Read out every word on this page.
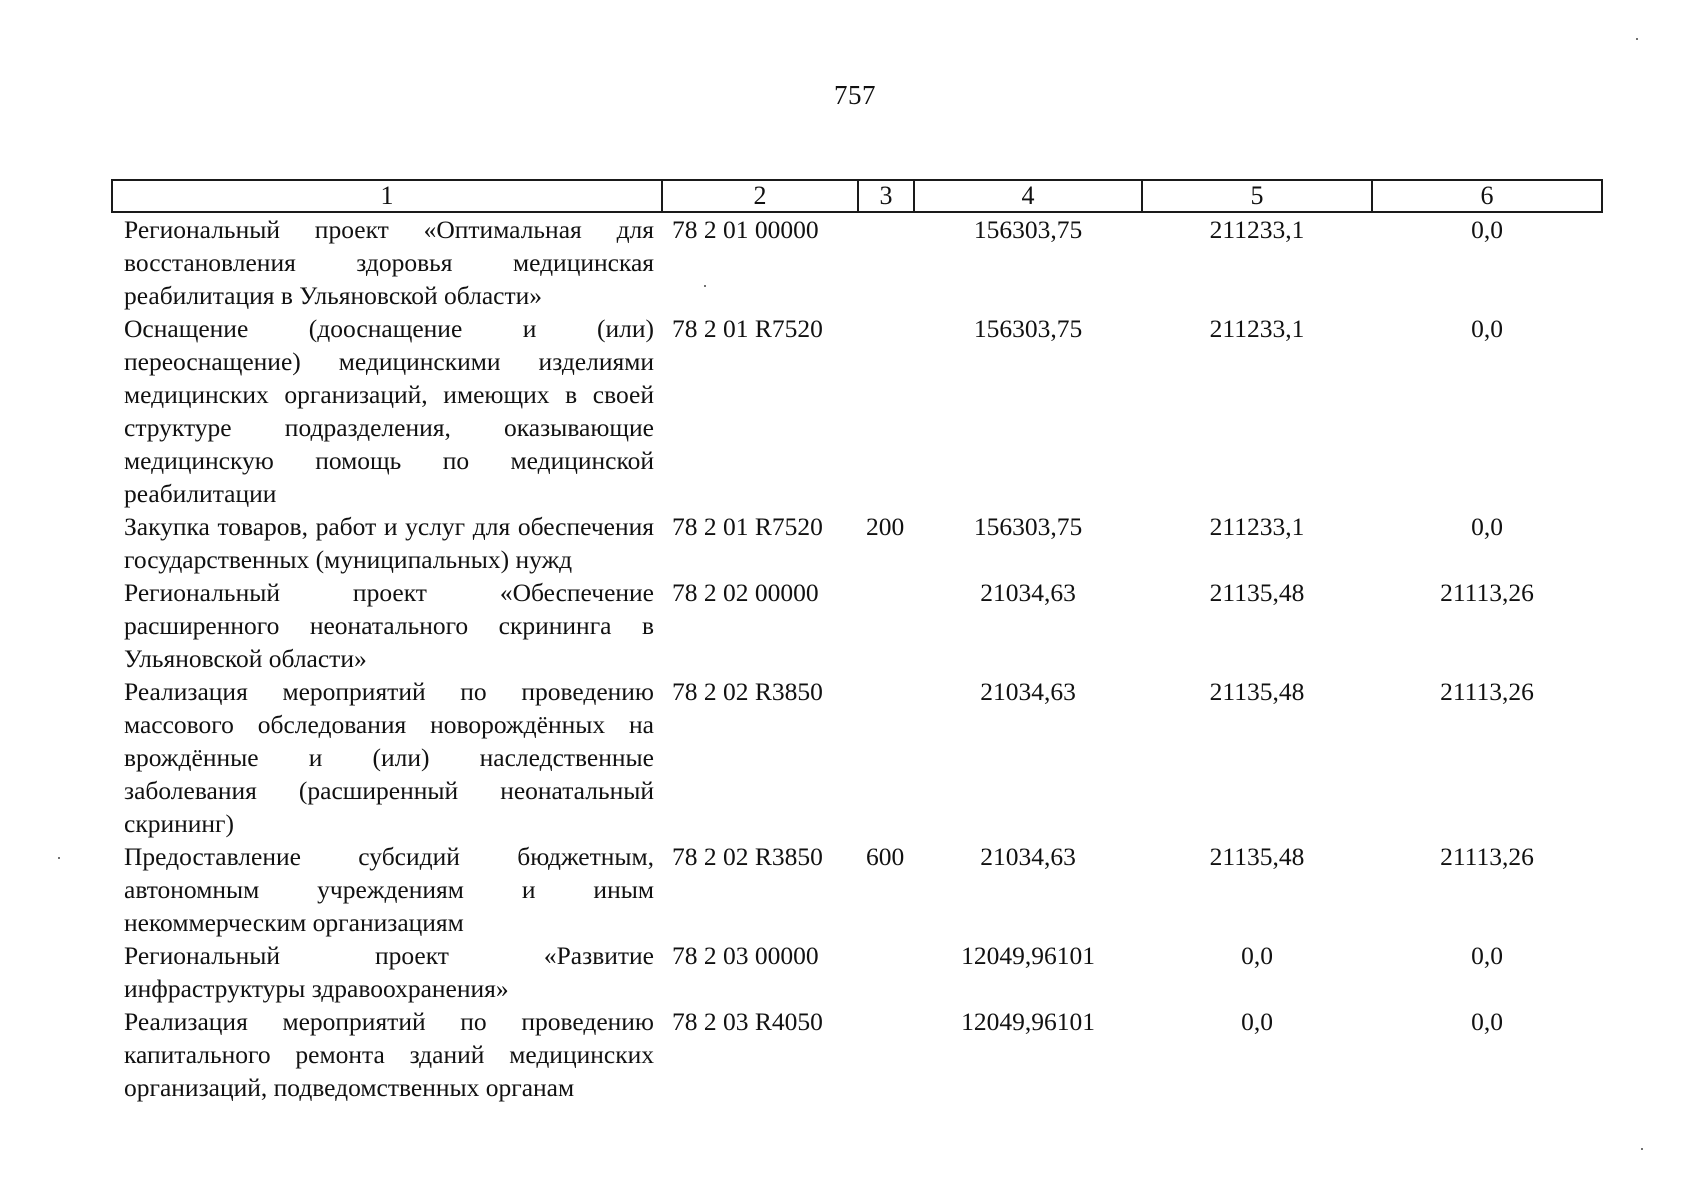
757
1	2	3	4	5	6
Региональный проект «Оптимальная для восстановления здоровья медицинская реабилитация в Ульяновской области»	78 2 01 00000		156303,75	211233,1	0,0
Оснащение (дооснащение и (или) переоснащение) медицинскими изделиями медицинских организаций, имеющих в своей структуре подразделения, оказывающие медицинскую помощь по медицинской реабилитации	78 2 01 R7520		156303,75	211233,1	0,0
Закупка товаров, работ и услуг для обеспечения государственных (муниципальных) нужд	78 2 01 R7520	200	156303,75	211233,1	0,0
Региональный проект «Обеспечение расширенного неонатального скрининга в Ульяновской области»	78 2 02 00000		21034,63	21135,48	21113,26
Реализация мероприятий по проведению массового обследования новорождённых на врождённые и (или) наследственные заболевания (расширенный неонатальный скрининг)	78 2 02 R3850		21034,63	21135,48	21113,26
Предоставление субсидий бюджетным, автономным учреждениям и иным некоммерческим организациям	78 2 02 R3850	600	21034,63	21135,48	21113,26
Региональный проект «Развитие инфраструктуры здравоохранения»	78 2 03 00000		12049,96101	0,0	0,0
Реализация мероприятий по проведению капитального ремонта зданий медицинских организаций, подведомственных органам	78 2 03 R4050		12049,96101	0,0	0,0
